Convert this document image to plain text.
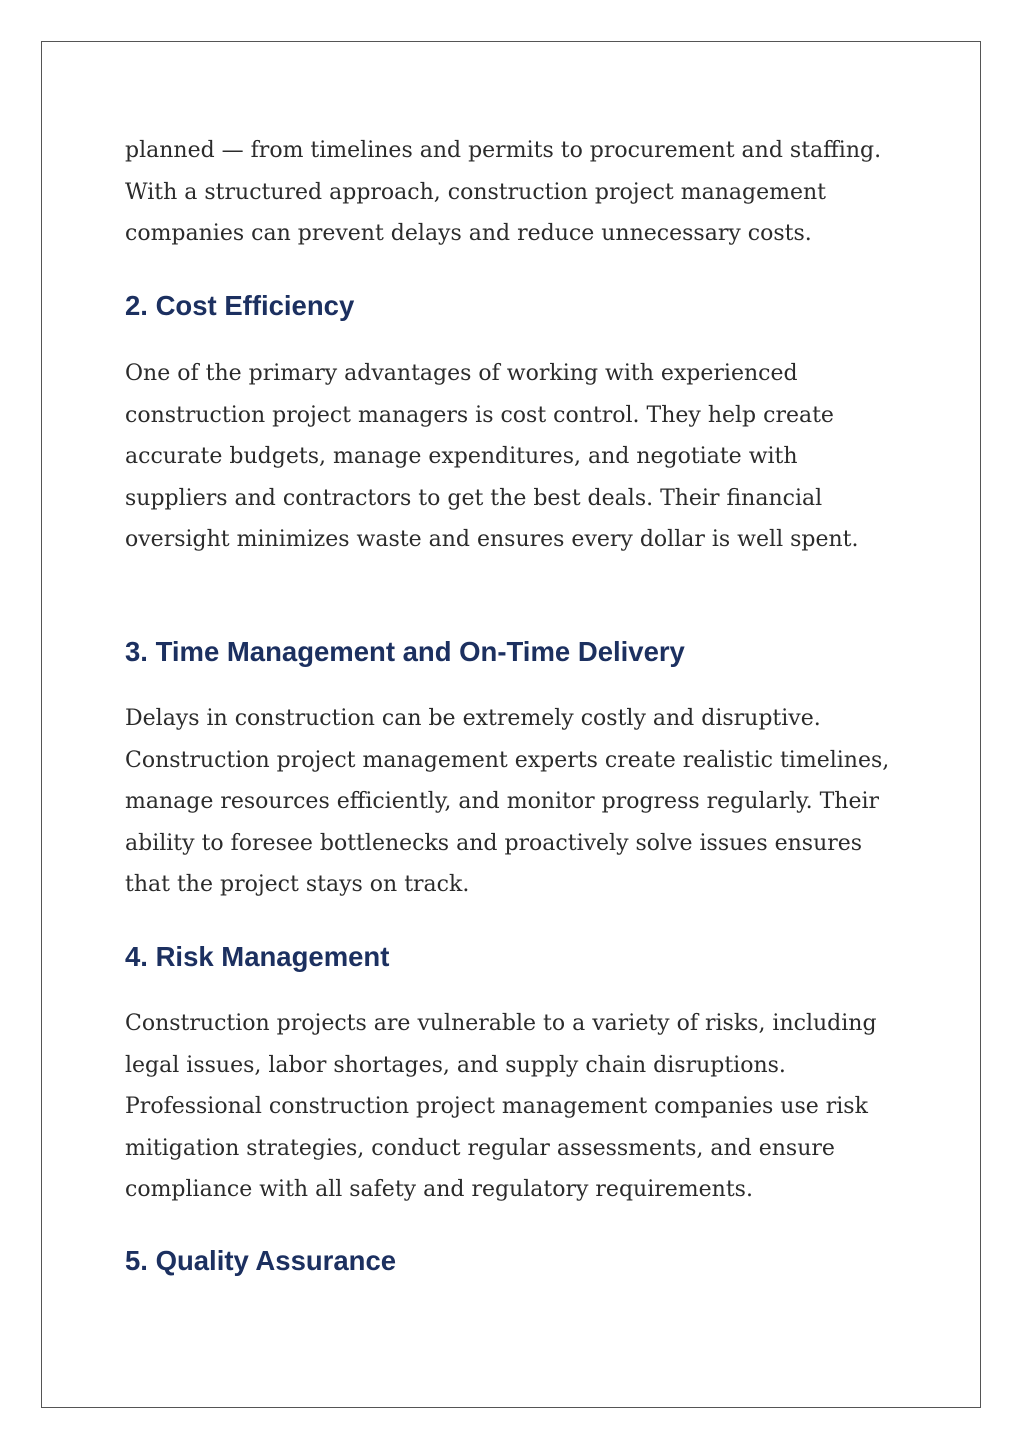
planned — from timelines and permits to procurement and staffing.
With a structured approach, construction project management
companies can prevent delays and reduce unnecessary costs.

2. Cost Efficiency

One of the primary advantages of working with experienced
construction project managers is cost control. They help create
accurate budgets, manage expenditures, and negotiate with
suppliers and contractors to get the best deals. Their financial
oversight minimizes waste and ensures every dollar is well spent.

3. Time Management and On-Time Delivery

Delays in construction can be extremely costly and disruptive.
Construction project management experts create realistic timelines,
manage resources efficiently, and monitor progress regularly. Their
ability to foresee bottlenecks and proactively solve issues ensures
that the project stays on track.

4. Risk Management

Construction projects are vulnerable to a variety of risks, including
legal issues, labor shortages, and supply chain disruptions.
Professional construction project management companies use risk
mitigation strategies, conduct regular assessments, and ensure
compliance with all safety and regulatory requirements.

5. Quality Assurance
